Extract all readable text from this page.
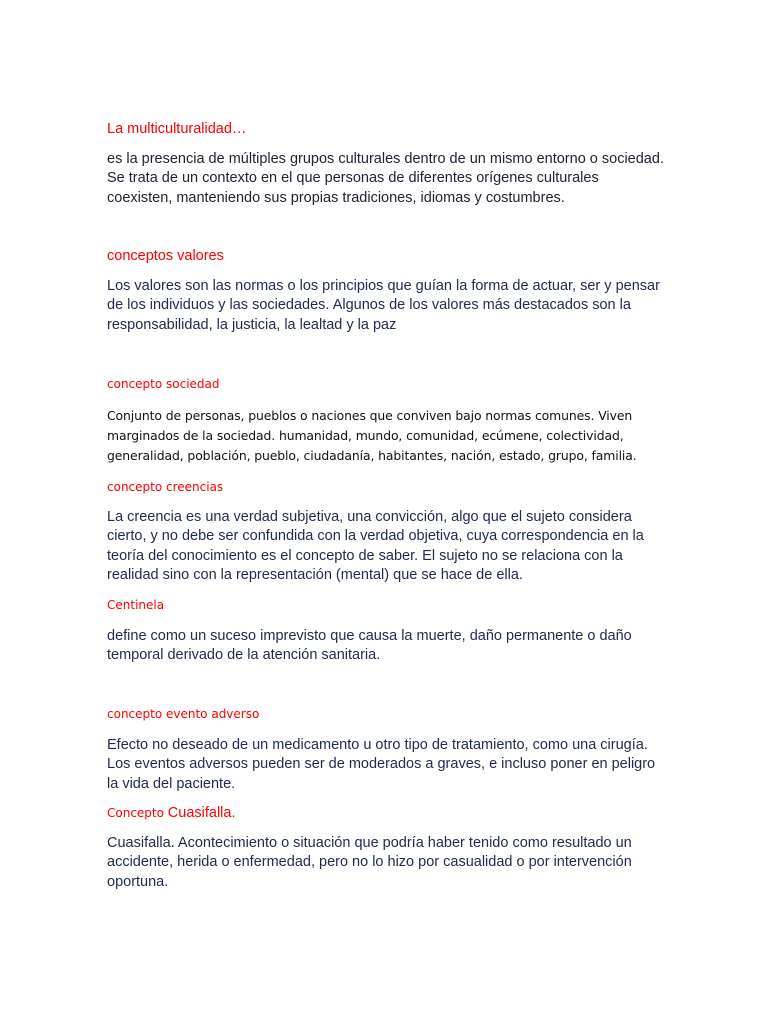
La multiculturalidad…
es la presencia de múltiples grupos culturales dentro de un mismo entorno o sociedad. Se trata de un contexto en el que personas de diferentes orígenes culturales coexisten, manteniendo sus propias tradiciones, idiomas y costumbres.
conceptos valores
Los valores son las normas o los principios que guían la forma de actuar, ser y pensar de los individuos y las sociedades. Algunos de los valores más destacados son la responsabilidad, la justicia, la lealtad y la paz
concepto sociedad
Conjunto de personas, pueblos o naciones que conviven bajo normas comunes. Viven marginados de la sociedad. humanidad, mundo, comunidad, ecúmene, colectividad, generalidad, población, pueblo, ciudadanía, habitantes, nación, estado, grupo, familia.
concepto creencias
La creencia es una verdad subjetiva, una convicción, algo que el sujeto considera cierto, y no debe ser confundida con la verdad objetiva, cuya correspondencia en la teoría del conocimiento es el concepto de saber. El sujeto no se relaciona con la realidad sino con la representación (mental) que se hace de ella.
Centinela
define como un suceso imprevisto que causa la muerte, daño permanente o daño temporal derivado de la atención sanitaria.
concepto evento adverso
Efecto no deseado de un medicamento u otro tipo de tratamiento, como una cirugía. Los eventos adversos pueden ser de moderados a graves, e incluso poner en peligro la vida del paciente.
Concepto Cuasifalla.
Cuasifalla. Acontecimiento o situación que podría haber tenido como resultado un accidente, herida o enfermedad, pero no lo hizo por casualidad o por intervención oportuna.
